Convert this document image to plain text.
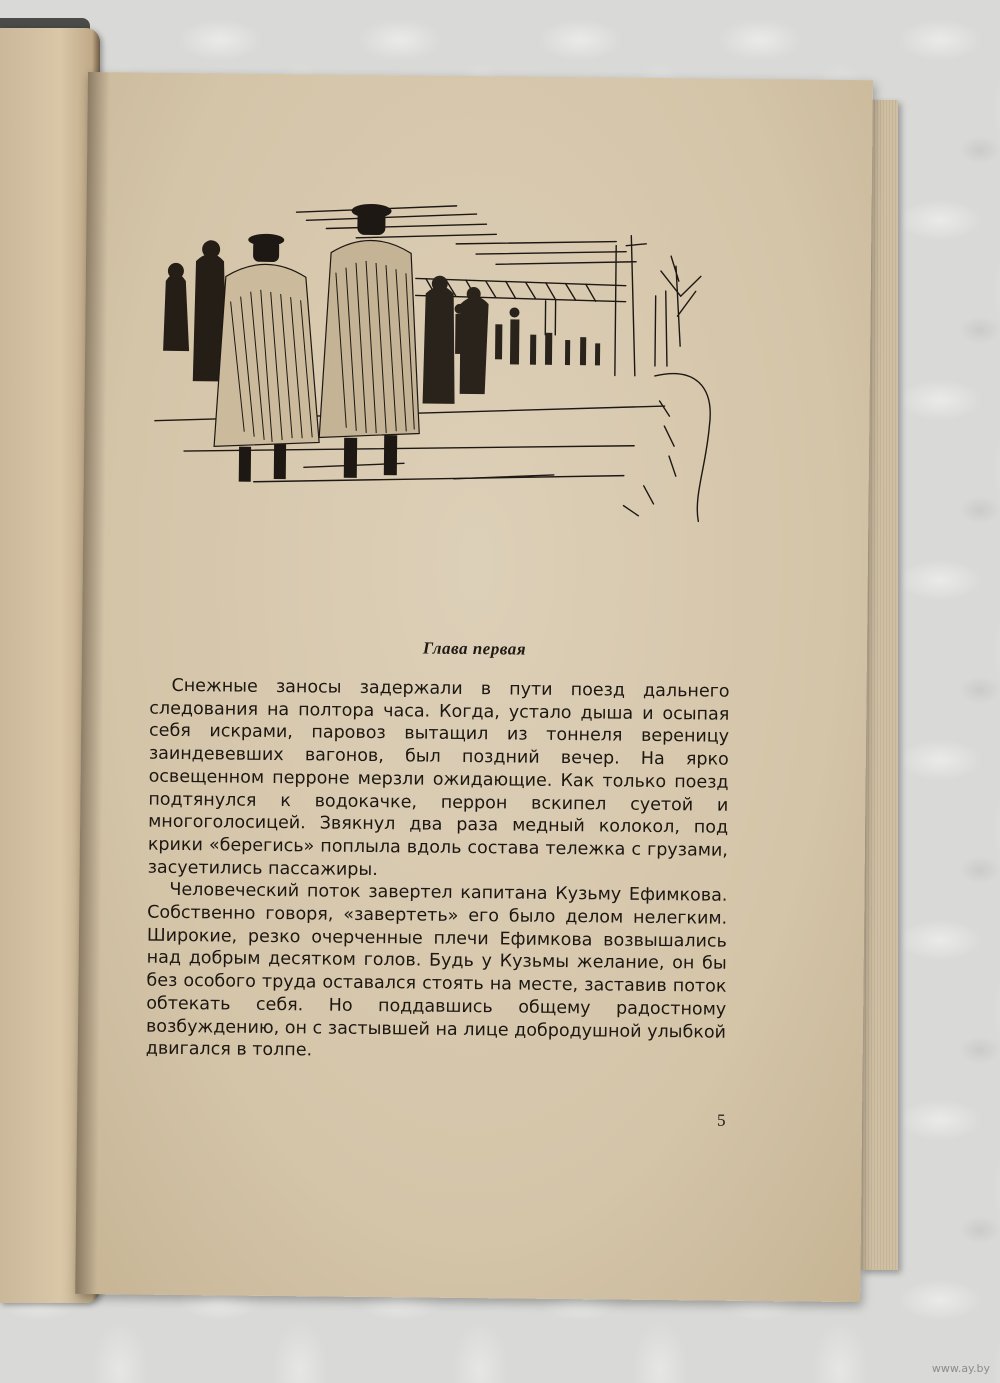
Глава первая

Снежные заносы задержали в пути поезд дальнего следования на полтора часа. Когда, устало дыша и осыпая себя искрами, паровоз вытащил из тоннеля вереницу заиндевевших вагонов, был поздний вечер. На ярко освещенном перроне мерзли ожидающие. Как только поезд подтянулся к водокачке, перрон вскипел суетой и многоголосицей. Звякнул два раза медный колокол, под крики «берегись» поплыла вдоль состава тележка с грузами, засуетились пассажиры.

Человеческий поток завертел капитана Кузьму Ефимкова. Собственно говоря, «завертеть» его было делом нелегким. Широкие, резко очерченные плечи Ефимкова возвышались над добрым десятком голов. Будь у Кузьмы желание, он бы без особого труда оставался стоять на месте, заставив поток обтекать себя. Но поддавшись общему радостному возбуждению, он с застывшей на лице добродушной улыбкой двигался в толпе.

5
www.ay.by
